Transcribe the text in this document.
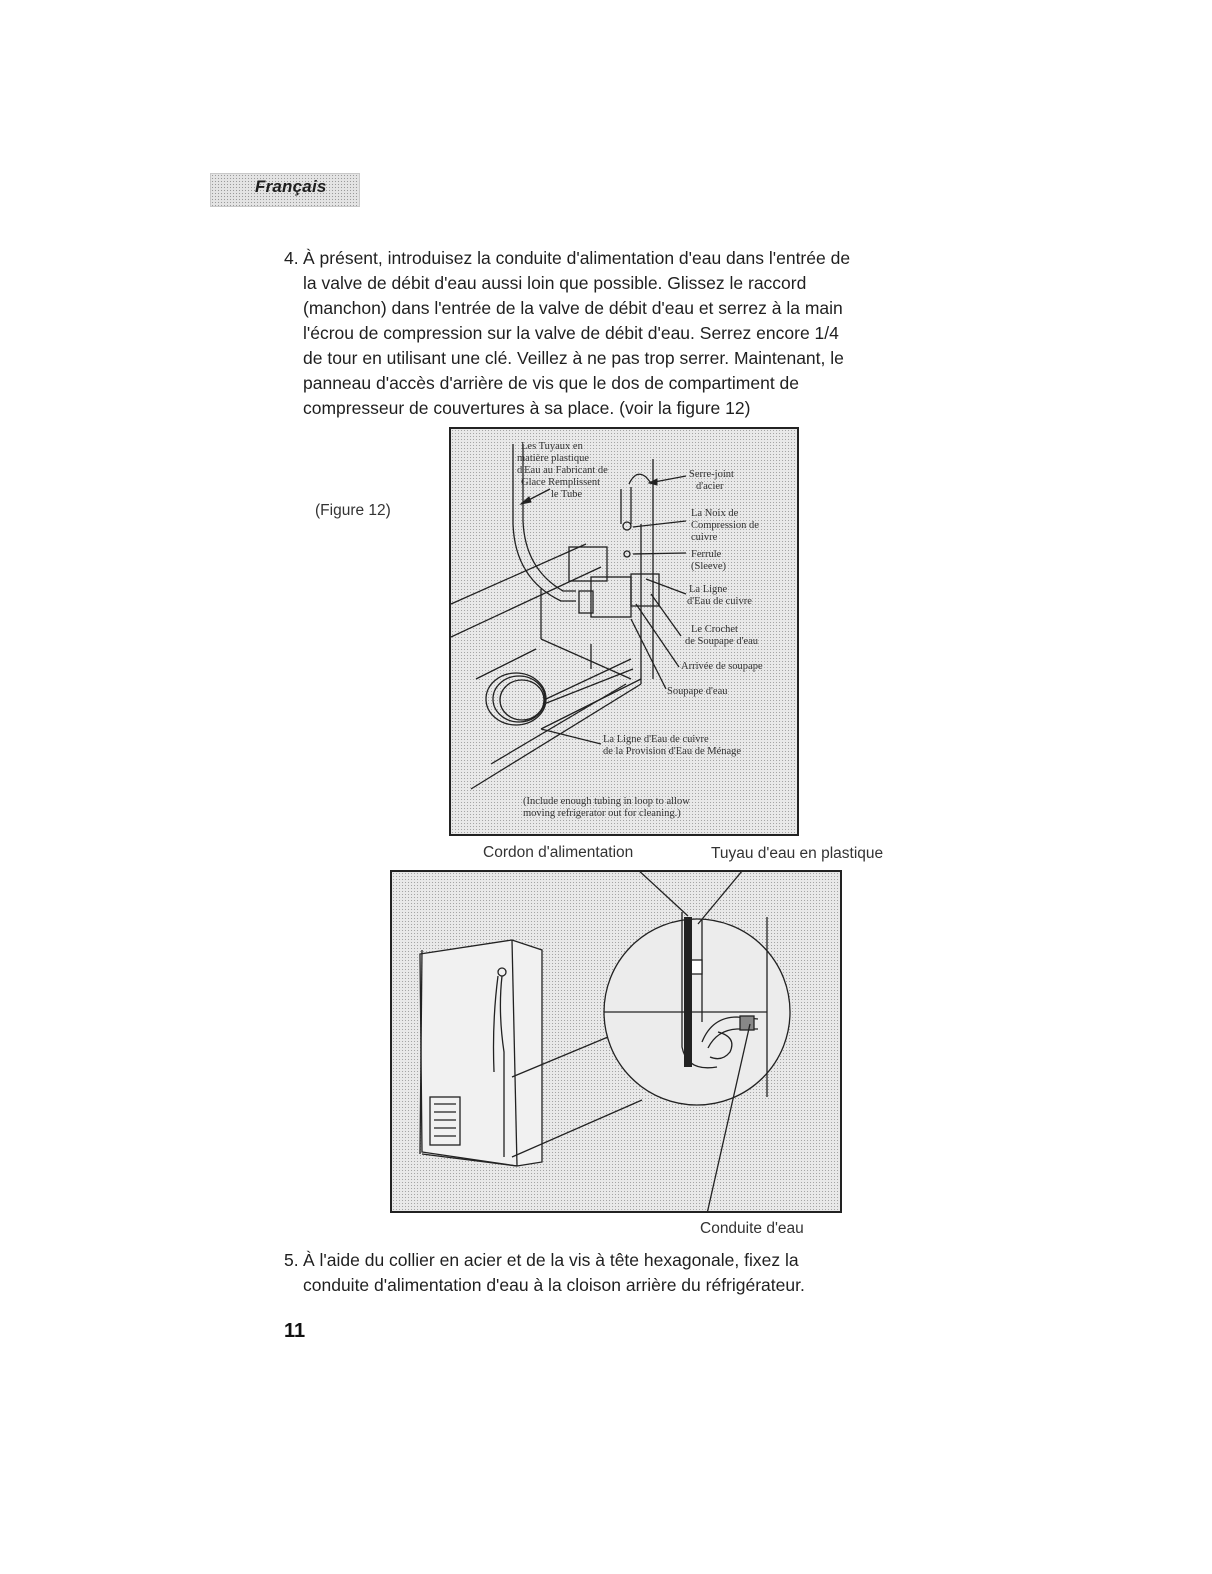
Français
4. À présent, introduisez la conduite d'alimentation d'eau dans l'entrée de

la valve de débit d'eau aussi loin que possible. Glissez le raccord

(manchon) dans l'entrée de la valve de débit d'eau et serrez à la main

l'écrou de compression sur la valve de débit d'eau. Serrez encore 1/4

de tour en utilisant une clé. Veillez à ne pas trop serrer. Maintenant, le

panneau d'accès d'arrière de vis que le dos de compartiment de

compresseur de couvertures à sa place. (voir la figure 12)

(Figure 12)
Les Tuyaux en
matière plastique
d'Eau au Fabricant de
Glace Remplissent
le Tube
Serre-joint
d'acier
La Noix de
Compression de
cuivre
Ferrule
(Sleeve)
La Ligne
d'Eau de cuivre
Le Crochet
de Soupape d'eau
Arrivée de soupape
Soupape d'eau
La Ligne d'Eau de cuivre
de la Provision d'Eau de Ménage
(Include enough tubing in loop to allow
moving refrigerator out for cleaning.)
Cordon d'alimentation	Tuyau d'eau en plastique
Conduite d'eau
5. À l'aide du collier en acier et de la vis à tête hexagonale, fixez la

conduite d'alimentation d'eau à la cloison arrière du réfrigérateur.

11
